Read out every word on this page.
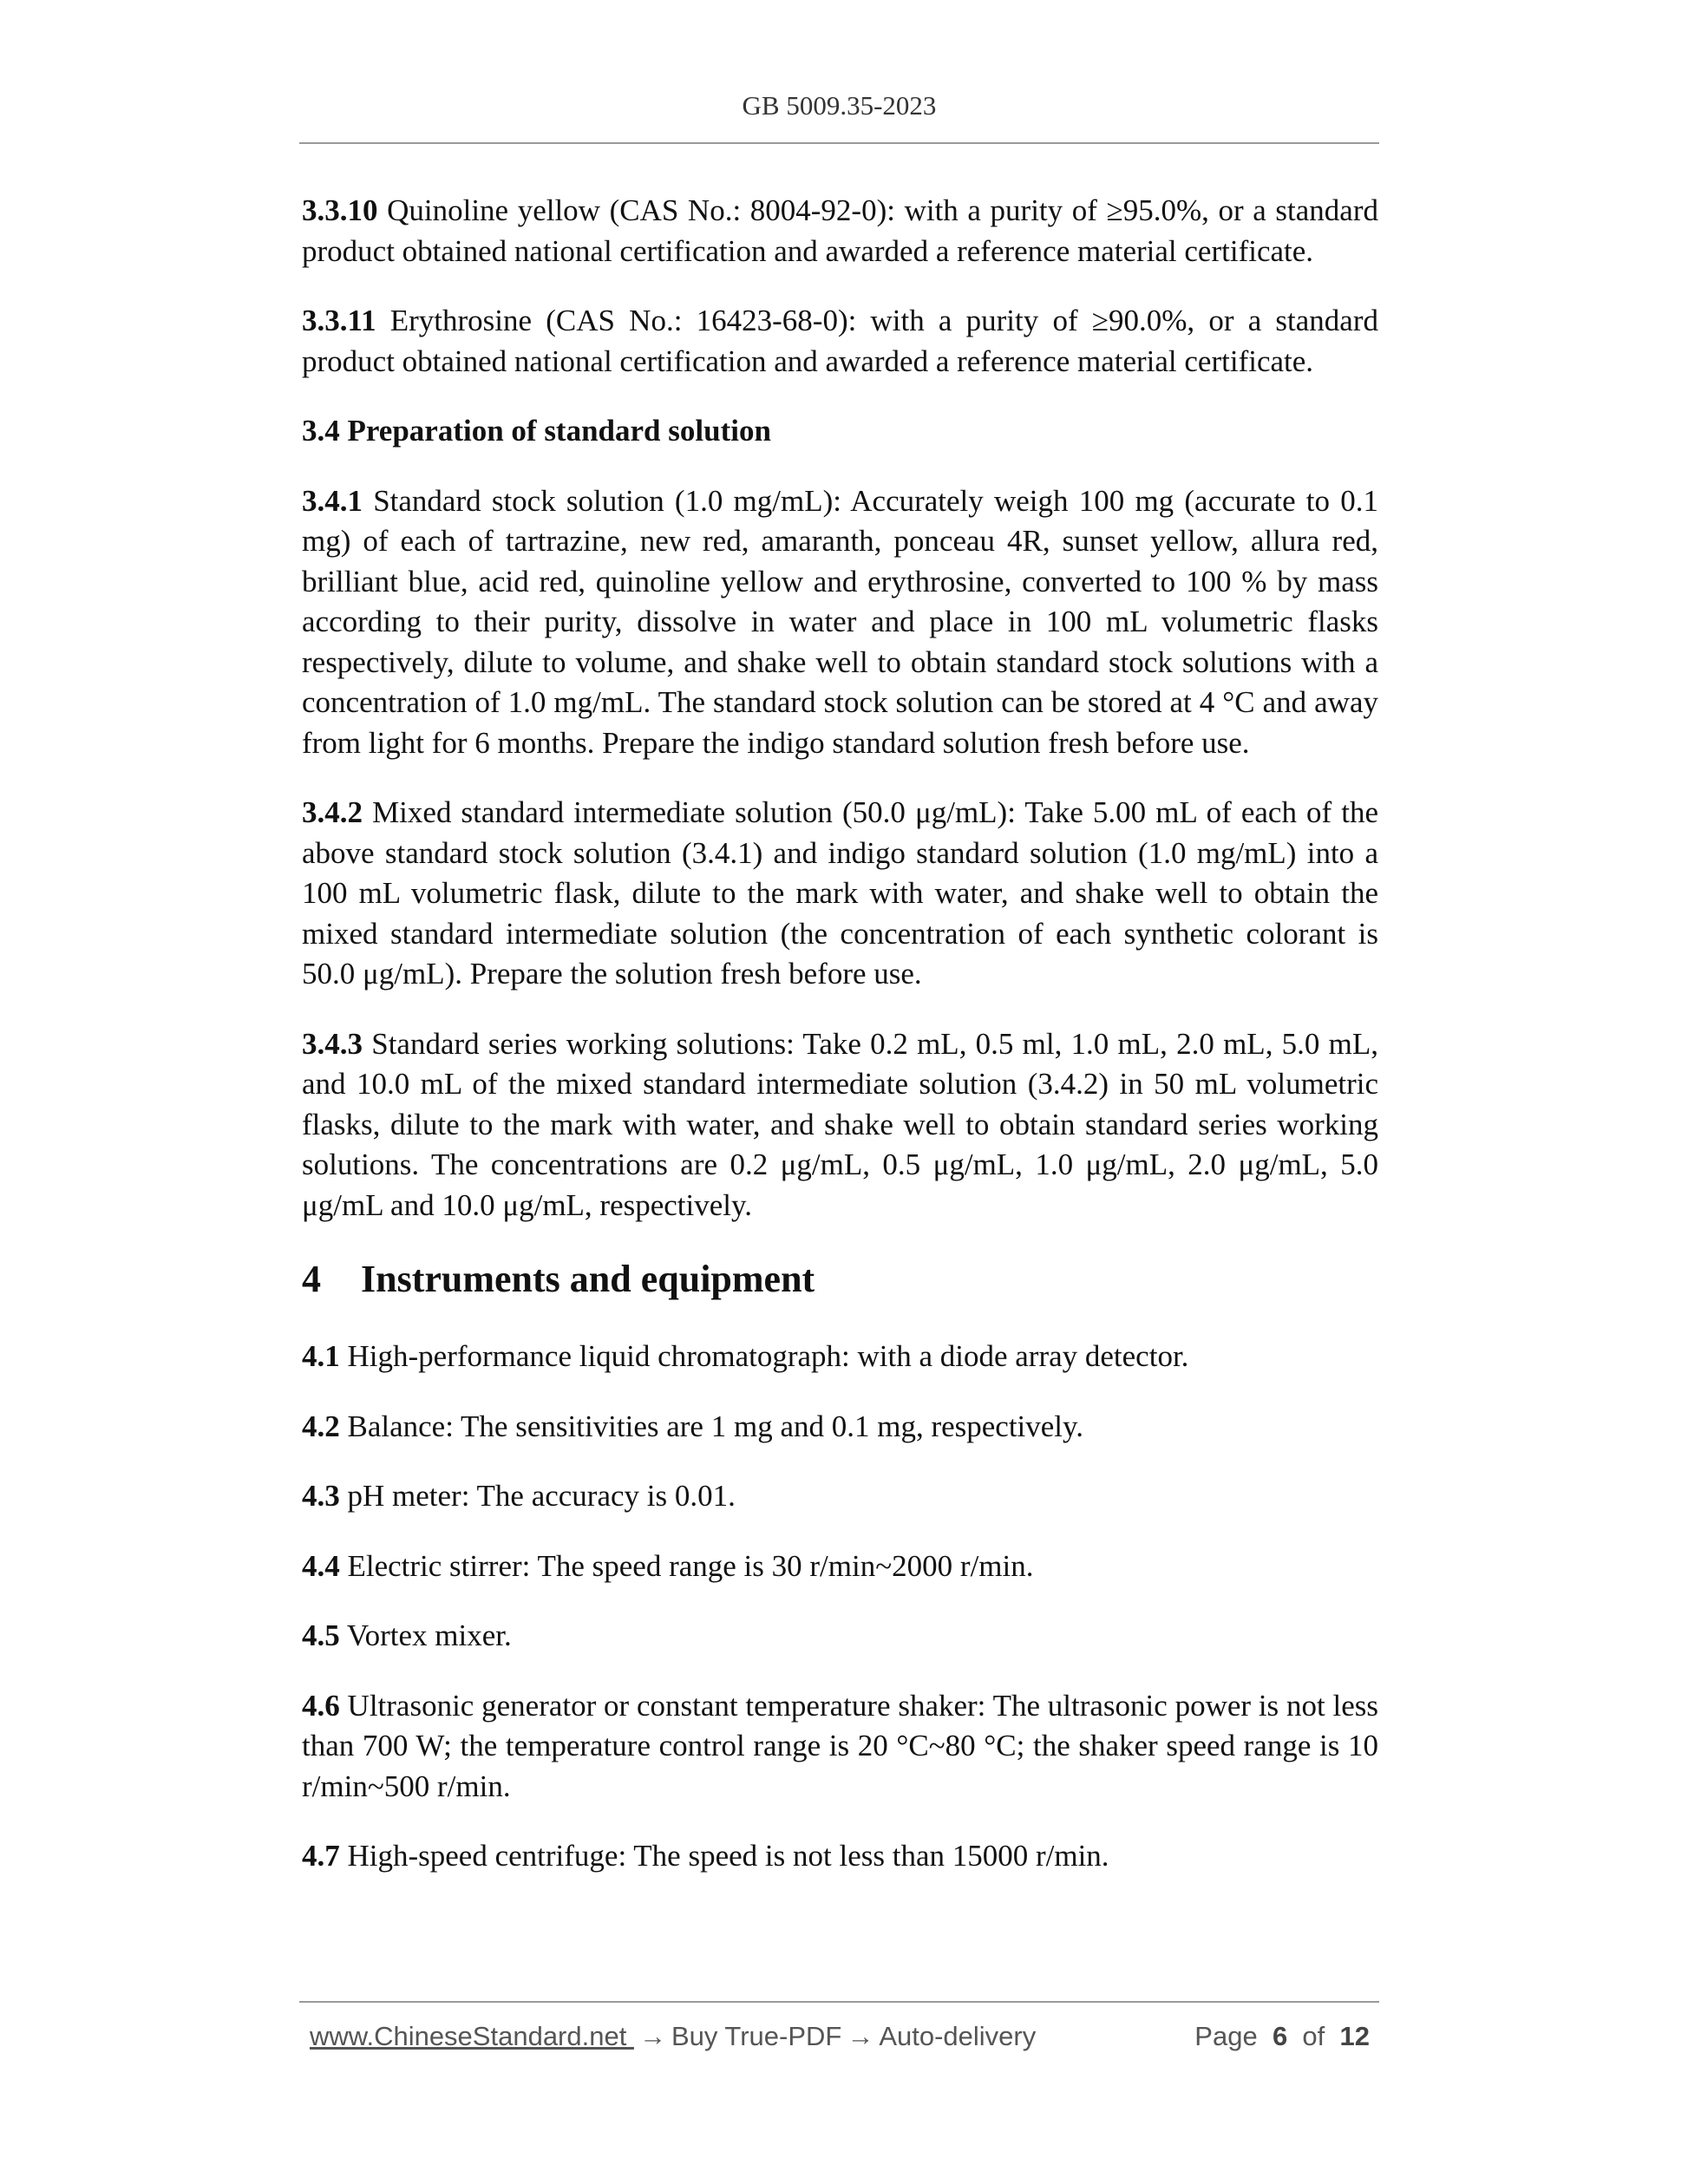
GB 5009.35-2023

3.3.10 Quinoline yellow (CAS No.: 8004-92-0): with a purity of ≥95.0%, or a standard product obtained national certification and awarded a reference material certificate.

3.3.11 Erythrosine (CAS No.: 16423-68-0): with a purity of ≥90.0%, or a standard product obtained national certification and awarded a reference material certificate.

3.4 Preparation of standard solution

3.4.1 Standard stock solution (1.0 mg/mL): Accurately weigh 100 mg (accurate to 0.1 mg) of each of tartrazine, new red, amaranth, ponceau 4R, sunset yellow, allura red, brilliant blue, acid red, quinoline yellow and erythrosine, converted to 100 % by mass according to their purity, dissolve in water and place in 100 mL volumetric flasks respectively, dilute to volume, and shake well to obtain standard stock solutions with a concentration of 1.0 mg/mL. The standard stock solution can be stored at 4 °C and away from light for 6 months. Prepare the indigo standard solution fresh before use.

3.4.2 Mixed standard intermediate solution (50.0 μg/mL): Take 5.00 mL of each of the above standard stock solution (3.4.1) and indigo standard solution (1.0 mg/mL) into a 100 mL volumetric flask, dilute to the mark with water, and shake well to obtain the mixed standard intermediate solution (the concentration of each synthetic colorant is 50.0 μg/mL). Prepare the solution fresh before use.

3.4.3 Standard series working solutions: Take 0.2 mL, 0.5 ml, 1.0 mL, 2.0 mL, 5.0 mL, and 10.0 mL of the mixed standard intermediate solution (3.4.2) in 50 mL volumetric flasks, dilute to the mark with water, and shake well to obtain standard series working solutions. The concentrations are 0.2 μg/mL, 0.5 μg/mL, 1.0 μg/mL, 2.0 μg/mL, 5.0 μg/mL and 10.0 μg/mL, respectively.

4 Instruments and equipment

4.1 High-performance liquid chromatograph: with a diode array detector.

4.2 Balance: The sensitivities are 1 mg and 0.1 mg, respectively.

4.3 pH meter: The accuracy is 0.01.

4.4 Electric stirrer: The speed range is 30 r/min~2000 r/min.

4.5 Vortex mixer.

4.6 Ultrasonic generator or constant temperature shaker: The ultrasonic power is not less than 700 W; the temperature control range is 20 °C~80 °C; the shaker speed range is 10 r/min~500 r/min.

4.7 High-speed centrifuge: The speed is not less than 15000 r/min.

www.ChineseStandard.net → Buy True-PDF → Auto-delivery	Page 6 of 12
